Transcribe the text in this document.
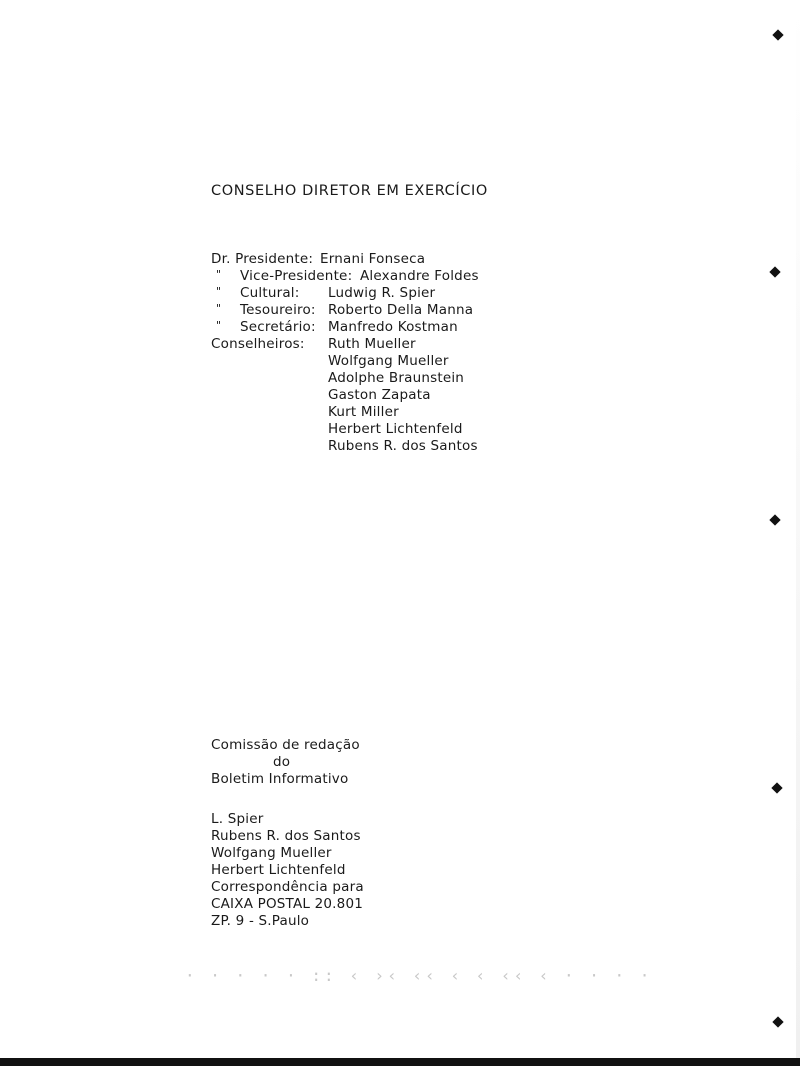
CONSELHO DIRETOR EM EXERCÍCIO
Dr. Presidente: Ernani Fonseca
" Vice-Presidente: Alexandre Foldes
" Cultural: Ludwig R. Spier
" Tesoureiro: Roberto Della Manna
" Secretário: Manfredo Kostman
Conselheiros: Ruth Mueller
Wolfgang Mueller
Adolphe Braunstein
Gaston Zapata
Kurt Miller
Herbert Lichtenfeld
Rubens R. dos Santos
Comissão de redação
do
Boletim Informativo
L. Spier
Rubens R. dos Santos
Wolfgang Mueller
Herbert Lichtenfeld
Correspondência para
CAIXA POSTAL 20.801
ZP. 9 - S.Paulo
· · · · · :: ‹ ›‹ ‹‹ ‹ ‹ ‹‹ ‹ · · · ·
